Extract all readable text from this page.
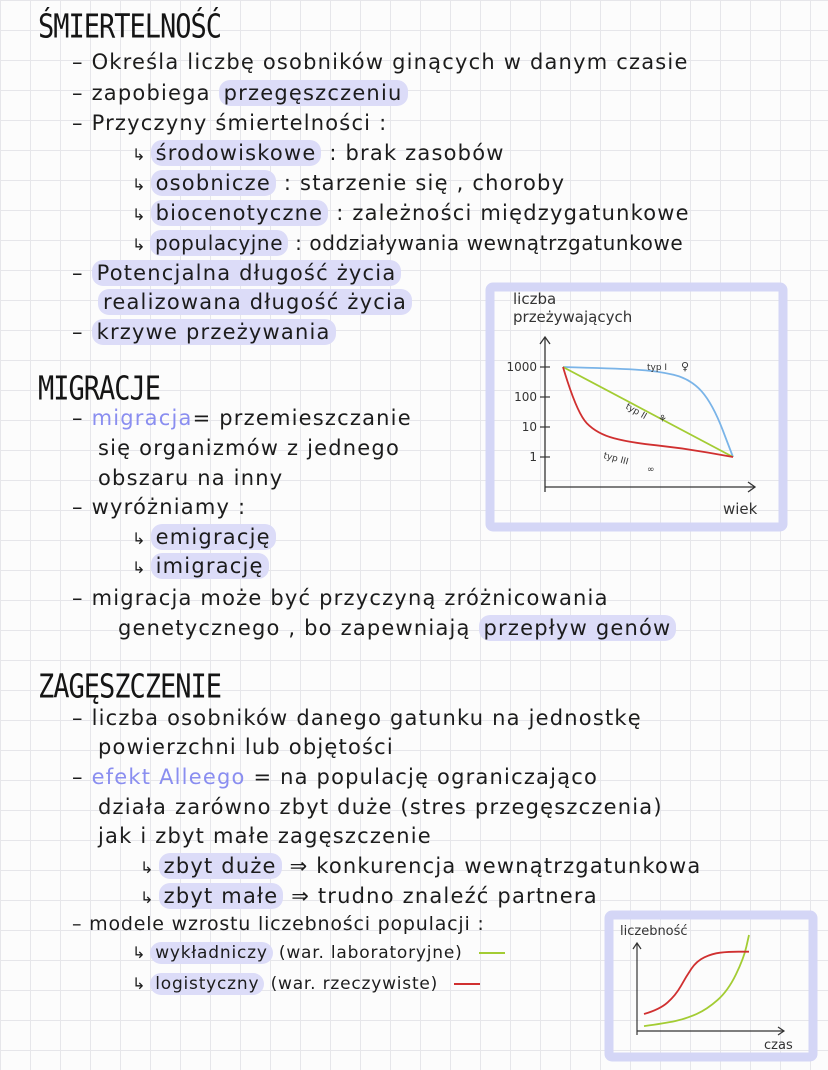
ŚMIERTELNOŚĆ
– Określa liczbę osobników ginących w danym czasie
– zapobiega przegęszczeniu
– Przyczyny śmiertelności :
↳ środowiskowe : brak zasobów
↳ osobnicze : starzenie się , choroby
↳ biocenotyczne : zależności międzygatunkowe
↳ populacyjne : oddziaływania wewnątrzgatunkowe
– Potencjalna długość życia
realizowana długość życia
– krzywe przeżywania
liczba
przeżywających
1000
100
10
1
wiek
typ I ♀
typ II ⚘
typ III
∞
MIGRACJE
– migracja= przemieszczanie
się organizmów z jednego
obszaru na inny
– wyróżniamy :
↳ emigrację
↳ imigrację
– migracja może być przyczyną zróżnicowania
genetycznego , bo zapewniają przepływ genów
ZAGĘSZCZENIE
– liczba osobników danego gatunku na jednostkę
powierzchni lub objętości
– efekt Alleego = na populację ograniczająco
działa zarówno zbyt duże (stres przegęszczenia)
jak i zbyt małe zagęszczenie
↳ zbyt duże ⇒ konkurencja wewnątrzgatunkowa
↳ zbyt małe ⇒ trudno znaleźć partnera
– modele wzrostu liczebności populacji :
↳ wykładniczy (war. laboratoryjne)
↳ logistyczny (war. rzeczywiste)
liczebność
czas
